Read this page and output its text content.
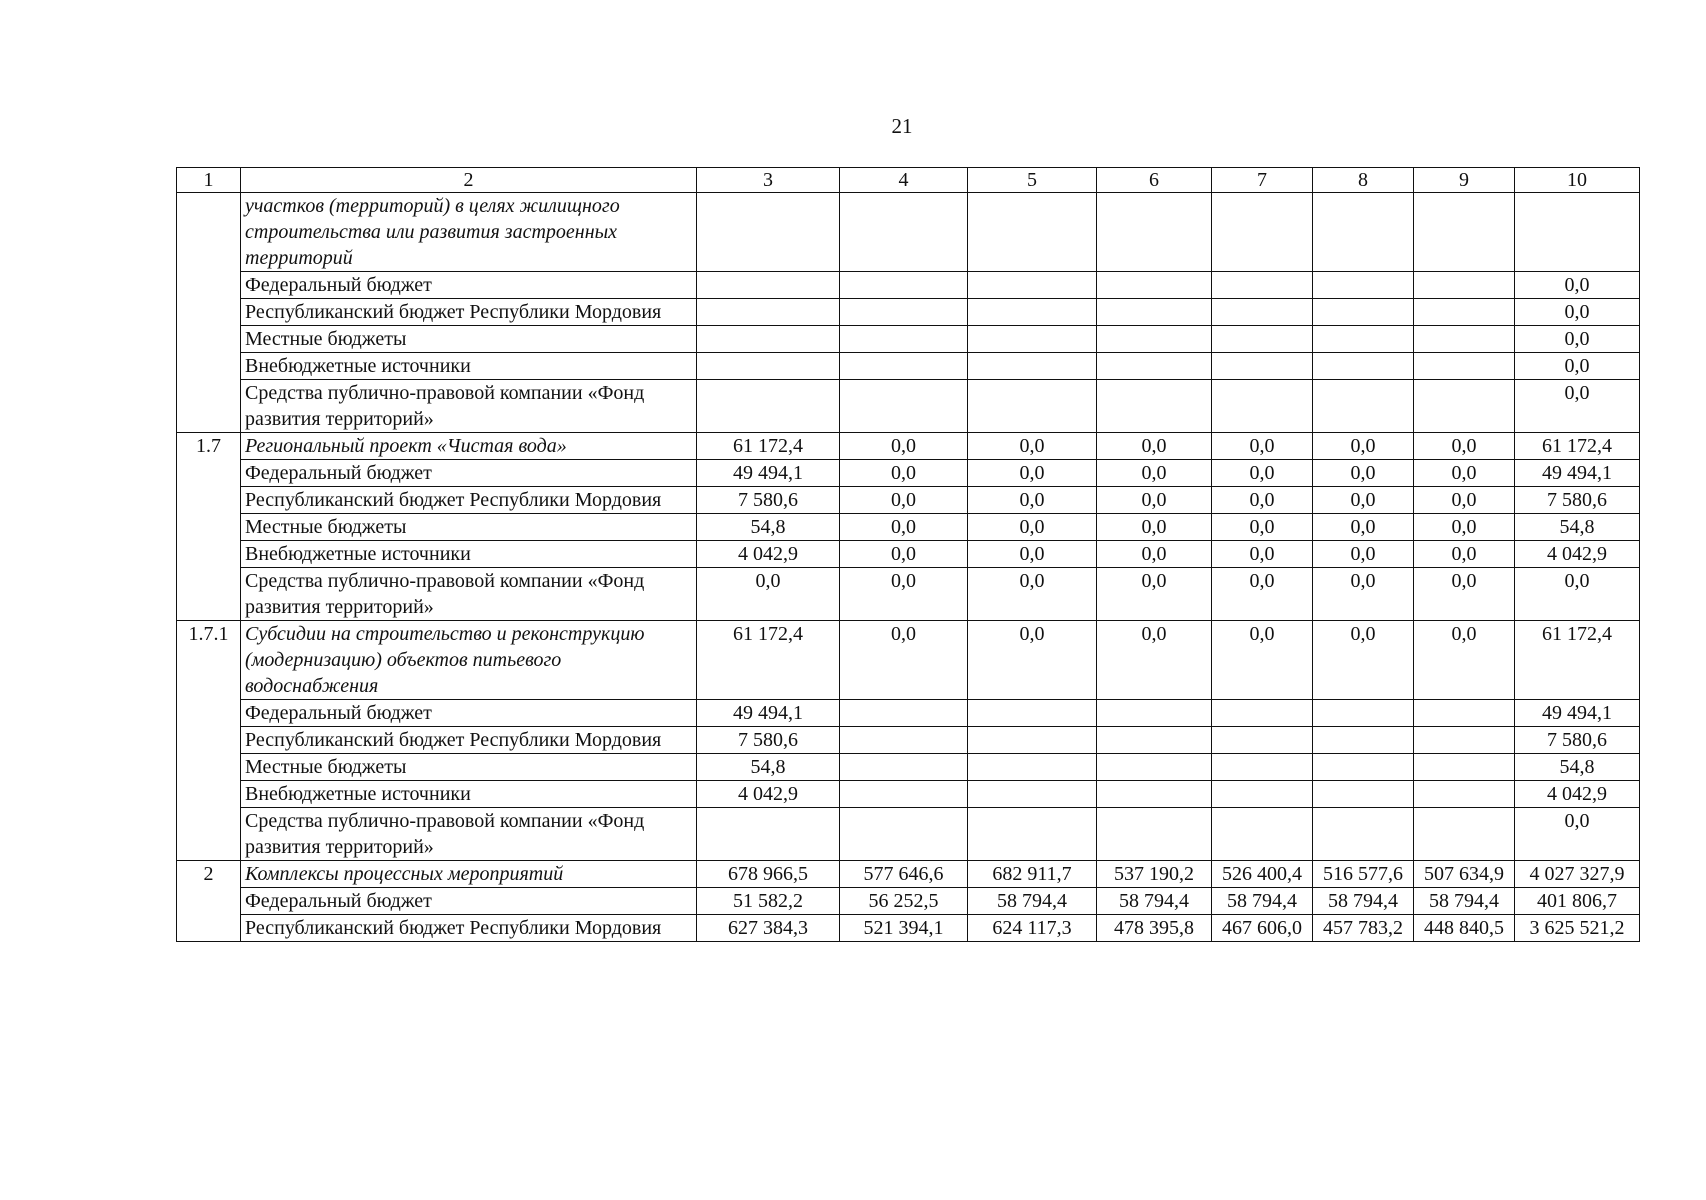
21
1	2	3	4	5	6	7	8	9	10
	участков (территорий) в целях жилищного строительства или развития застроенных территорий								
	Федеральный бюджет								0,0
	Республиканский бюджет Республики Мордовия								0,0
	Местные бюджеты								0,0
	Внебюджетные источники								0,0
	Средства публично-правовой компании «Фонд развития территорий»								0,0
1.7	Региональный проект «Чистая вода»	61 172,4	0,0	0,0	0,0	0,0	0,0	0,0	61 172,4
	Федеральный бюджет	49 494,1	0,0	0,0	0,0	0,0	0,0	0,0	49 494,1
	Республиканский бюджет Республики Мордовия	7 580,6	0,0	0,0	0,0	0,0	0,0	0,0	7 580,6
	Местные бюджеты	54,8	0,0	0,0	0,0	0,0	0,0	0,0	54,8
	Внебюджетные источники	4 042,9	0,0	0,0	0,0	0,0	0,0	0,0	4 042,9
	Средства публично-правовой компании «Фонд развития территорий»	0,0	0,0	0,0	0,0	0,0	0,0	0,0	0,0
1.7.1	Субсидии на строительство и реконструкцию (модернизацию) объектов питьевого водоснабжения	61 172,4	0,0	0,0	0,0	0,0	0,0	0,0	61 172,4
	Федеральный бюджет	49 494,1							49 494,1
	Республиканский бюджет Республики Мордовия	7 580,6							7 580,6
	Местные бюджеты	54,8							54,8
	Внебюджетные источники	4 042,9							4 042,9
	Средства публично-правовой компании «Фонд развития территорий»								0,0
2	Комплексы процессных мероприятий	678 966,5	577 646,6	682 911,7	537 190,2	526 400,4	516 577,6	507 634,9	4 027 327,9
	Федеральный бюджет	51 582,2	56 252,5	58 794,4	58 794,4	58 794,4	58 794,4	58 794,4	401 806,7
	Республиканский бюджет Республики Мордовия	627 384,3	521 394,1	624 117,3	478 395,8	467 606,0	457 783,2	448 840,5	3 625 521,2
